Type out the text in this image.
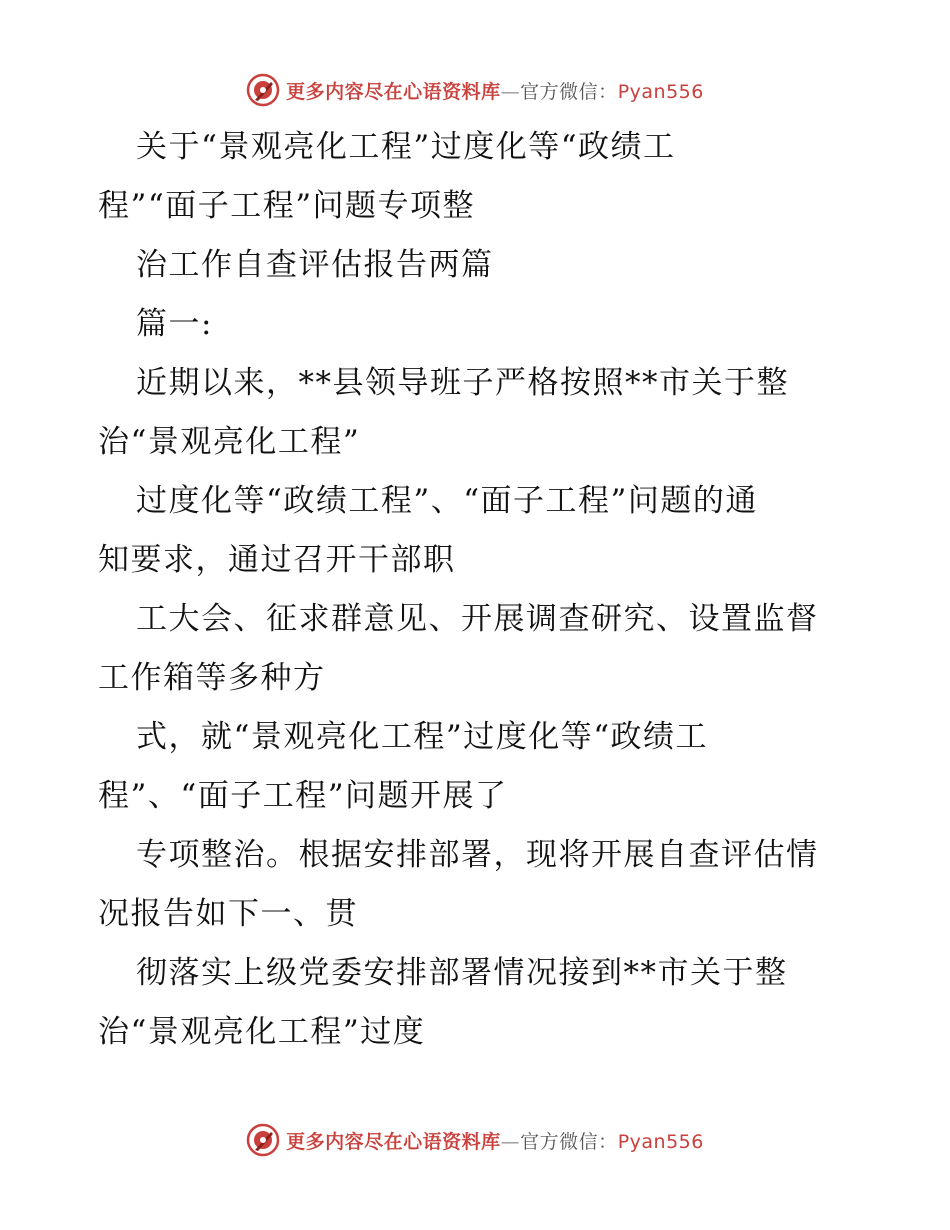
更多内容尽在心语资料库—官方微信：Pyan556
关于“景观亮化工程”过度化等“政绩工
程”“面子工程”问题专项整
治工作自查评估报告两篇
篇一:
近期以来，**县领导班子严格按照**市关于整
治“景观亮化工程”
过度化等“政绩工程”、“面子工程”问题的通
知要求，通过召开干部职
工大会、征求群意见、开展调查研究、设置监督
工作箱等多种方
式，就“景观亮化工程”过度化等“政绩工
程”、“面子工程”问题开展了
专项整治。根据安排部署，现将开展自查评估情
况报告如下一、贯
彻落实上级党委安排部署情况接到**市关于整
治“景观亮化工程”过度
更多内容尽在心语资料库—官方微信：Pyan556
